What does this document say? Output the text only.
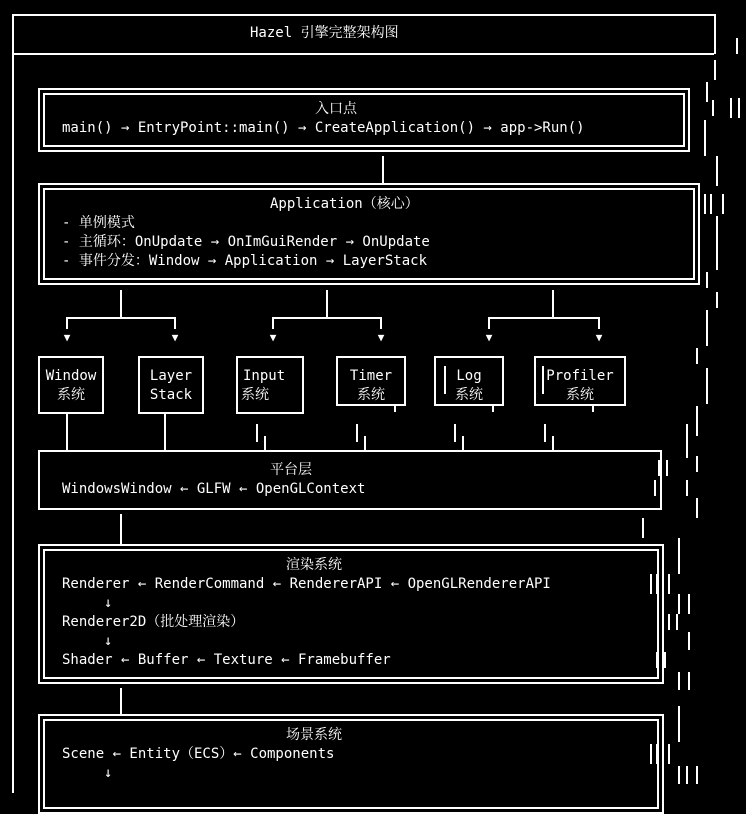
Hazel 引擎完整架构图
入口点
main() → EntryPoint::main() → CreateApplication() → app->Run()
Application（核心）
- 单例模式
- 主循环：OnUpdate → OnImGuiRender → OnUpdate
- 事件分发：Window → Application → LayerStack
▼	▼	▼	▼	▼	▼
Window
系统
Layer
Stack
Input
系统
Timer
系统
Log
系统
Profiler
系统
平台层
WindowsWindow ← GLFW ← OpenGLContext
渲染系统
Renderer ← RenderCommand ← RendererAPI ← OpenGLRendererAPI
↓
Renderer2D（批处理渲染）
↓
Shader ← Buffer ← Texture ← Framebuffer
场景系统
Scene ← Entity（ECS）← Components
↓
